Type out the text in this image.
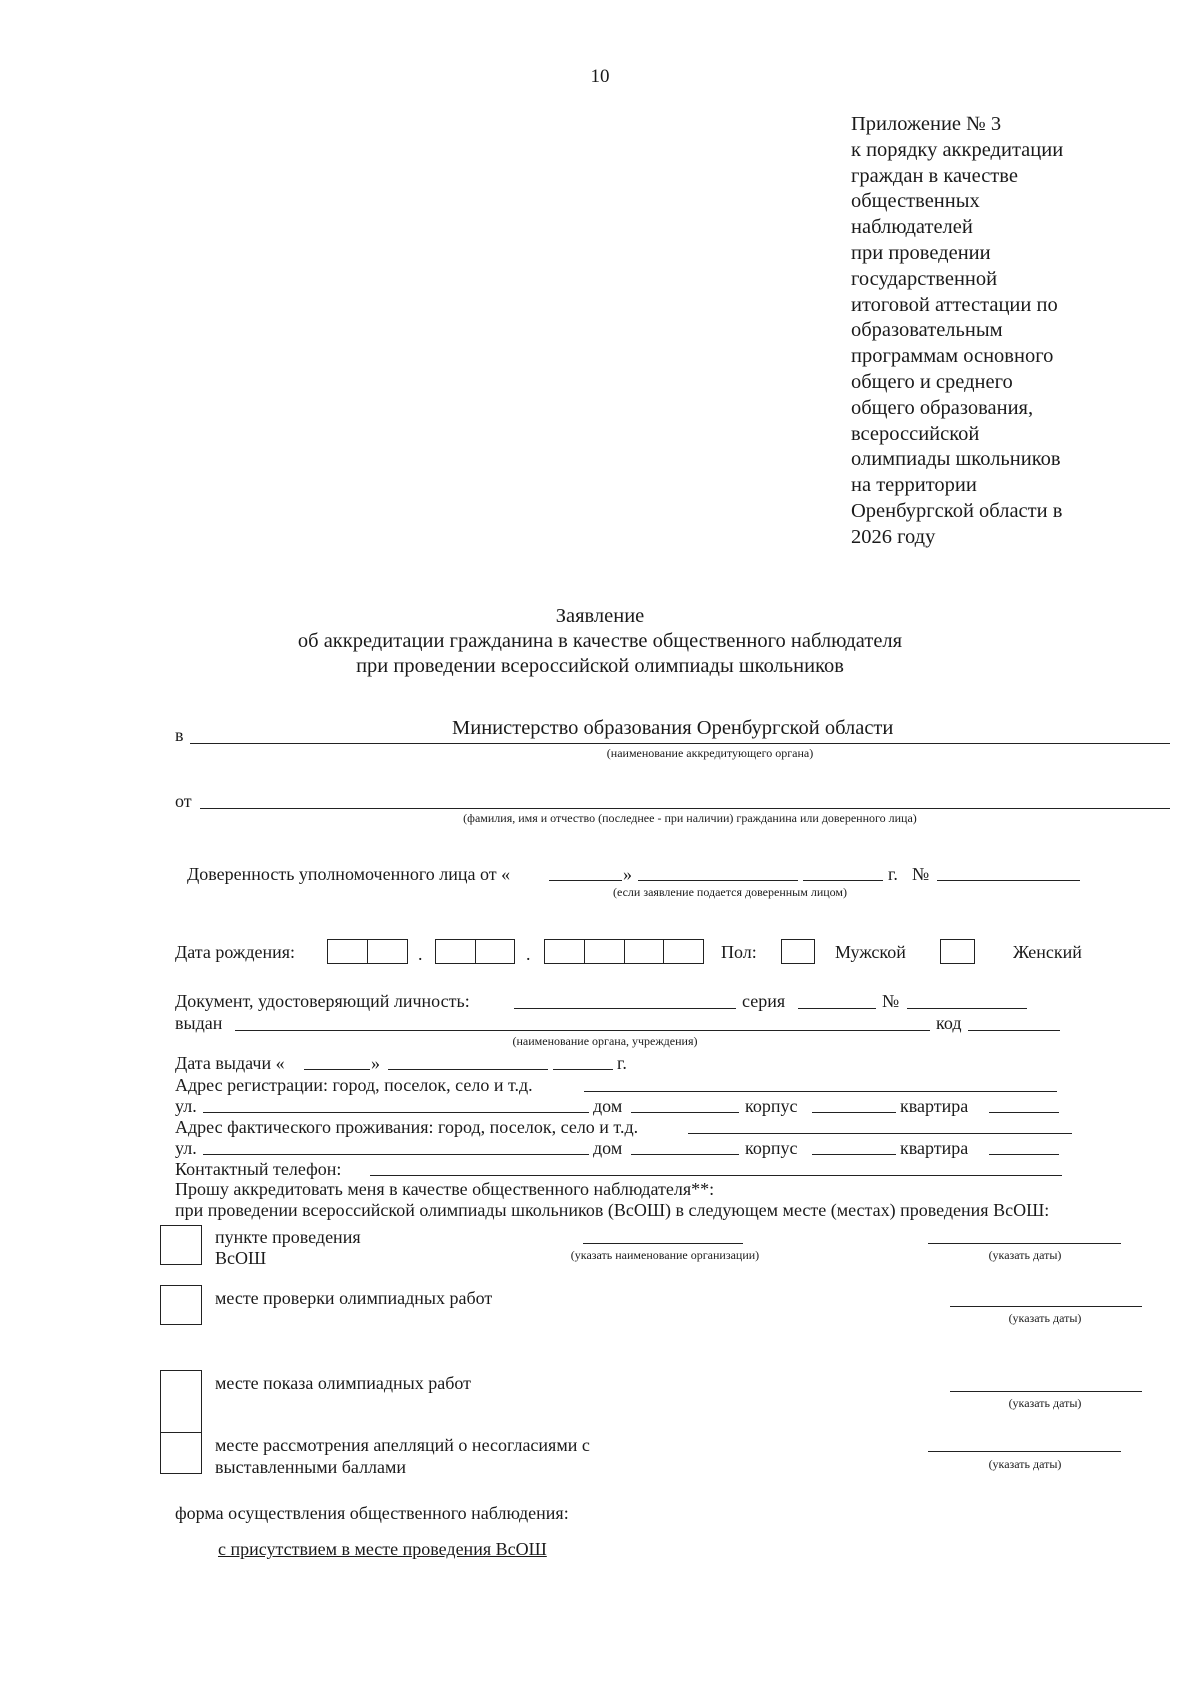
10
Приложение № 3
к порядку аккредитации
граждан в качестве
общественных
наблюдателей
при проведении
государственной
итоговой аттестации по
образовательным
программам основного
общего и среднего
общего образования,
всероссийской
олимпиады школьников
на территории
Оренбургской области в
2026 году
Заявление
об аккредитации гражданина в качестве общественного наблюдателя
при проведении всероссийской олимпиады школьников
в	Министерство образования Оренбургской области
(наименование аккредитующего органа)
от
(фамилия, имя и отчество (последнее - при наличии) гражданина или доверенного лица)
Доверенность уполномоченного лица от «	»	г. №
(если заявление подается доверенным лицом)
Дата рождения:	.	.	Пол:	Мужской	Женский
Документ, удостоверяющий личность:	серия	№
выдан	код
(наименование органа, учреждения)
Дата выдачи «	»	г.
Адрес регистрации: город, поселок, село и т.д.
ул.	дом	корпус	квартира
Адрес фактического проживания: город, поселок, село и т.д.
ул.	дом	корпус	квартира
Контактный телефон:
Прошу аккредитовать меня в качестве общественного наблюдателя**:
при проведении всероссийской олимпиады школьников (ВсОШ) в следующем месте (местах) проведения ВсОШ:
пункте проведения
ВсОШ	(указать наименование организации)	(указать даты)
месте проверки олимпиадных работ
(указать даты)
месте показа олимпиадных работ
(указать даты)
месте рассмотрения апелляций о несогласиями с
выставленными баллами	(указать даты)
форма осуществления общественного наблюдения:
с присутствием в месте проведения ВсОШ
